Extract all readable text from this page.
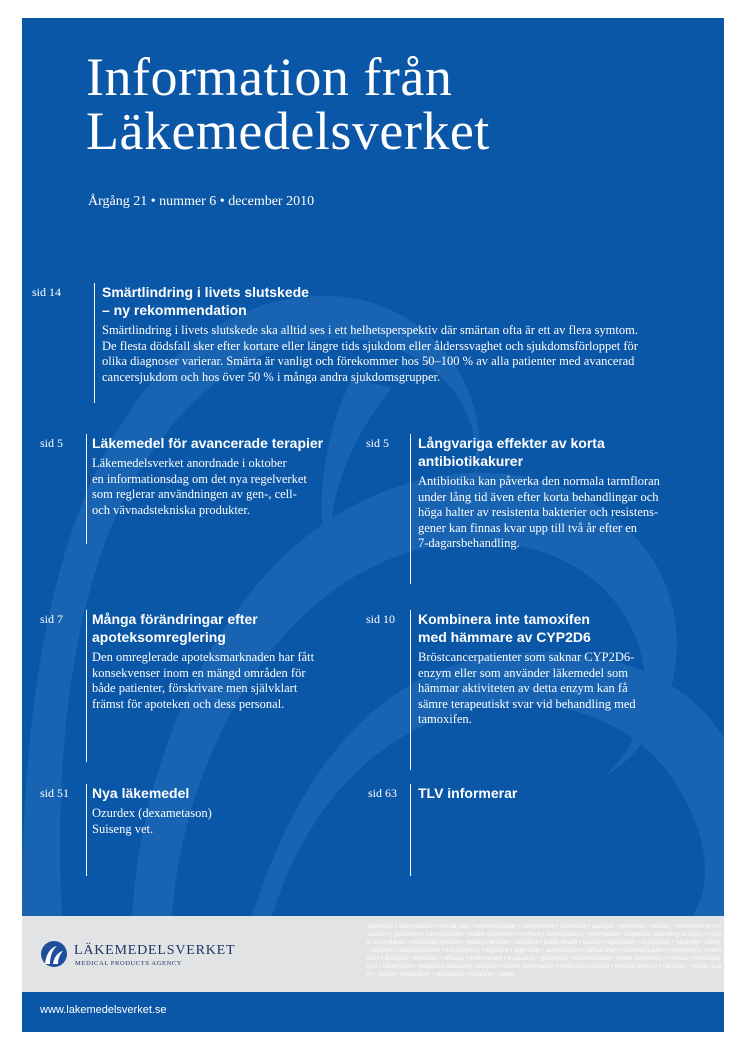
Information från
Läkemedelsverket
Årgång 21 • nummer 6 • december 2010
sid 14	Smärtlindring i livets slutskede
– ny rekommendation

Smärtlindring i livets slutskede ska alltid ses i ett helhetsperspektiv där smärtan ofta är ett av flera symtom.
De flesta dödsfall sker efter kortare eller längre tids sjukdom eller ålderssvaghet och sjukdomsförloppet för
olika diagnoser varierar. Smärta är vanligt och förekommer hos 50–100 % av alla patienter med avancerad
cancersjukdom och hos över 50 % i många andra sjukdomsgrupper.

sid 5 Läkemedel för avancerade terapier

Läkemedelsverket anordnade i oktober
en informationsdag om det nya regelverket
som reglerar användningen av gen-, cell-
och vävnadstekniska produkter.

sid 5 Långvariga effekter av korta
antibiotikakurer

Antibiotika kan påverka den normala tarmfloran
under lång tid även efter korta behandlingar och
höga halter av resistenta bakterier och resistens-
gener kan finnas kvar upp till två år efter en
7-dagarsbehandling.

sid 7 Många förändringar efter
apoteksomreglering

Den omreglerade apoteksmarknaden har fått
konsekvenser inom en mängd områden för
både patienter, förskrivare men självklart
främst för apoteken och dess personal.

sid 10 Kombinera inte tamoxifen
med hämmare av CYP2D6

Bröstcancerpatienter som saknar CYP2D6-
enzym eller som använder läkemedel som
hämmar aktiviteten av detta enzym kan få
sämre terapeutiskt svar vid behandling med
tamoxifen.

sid 51 Nya läkemedel

Ozurdex (dexametason)
Suiseng vet.

sid 63 TLV informerar
approvals • authorisation • clinical trials • communication • competence • cosmetics • dialogue • directives • efficacy • environment • evaluation • guidelines • harmonisation • health economics • herbals • homeopathics • information • inspection laboratory analysis • market surveillance • medicinal products • medical devices • narcotics • public health • quality • registration • regulations • reliability • safety • scientific • standardisation • transparency • vigilance • approvals • authorisation • clinical trials • communication • competence • cosmetics • dialogue • directives • efficacy • environment • evaluation • guidelines • harmonisation • health economics • herbals • homeopathics • information • inspection laboratory analysis • market surveillance • medicinal products • medical devices • narcotics • public health • quality • registration • regulations • reliability • safety
LÄKEMEDELSVERKET
MEDICAL PRODUCTS AGENCY
www.lakemedelsverket.se
